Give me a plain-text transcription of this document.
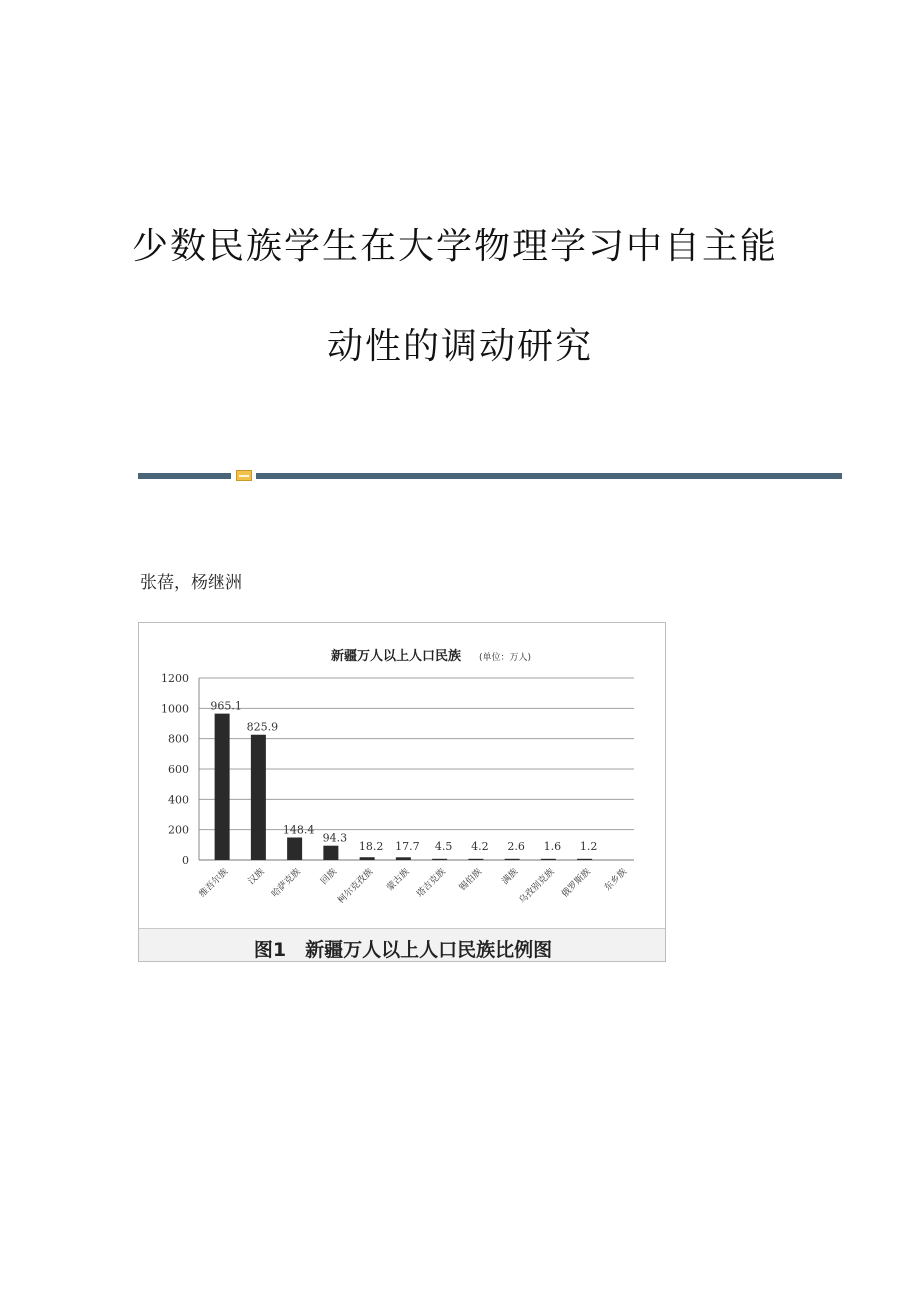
少数民族学生在大学物理学习中自主能
动性的调动研究
张蓓，杨继洲
新疆万人以上人口民族 (单位：万人)
0
200
400
600
800
1000
1200
965.1
维吾尔族
825.9
汉族
148.4
哈萨克族
94.3
回族
18.2
柯尔克孜族
17.7
蒙古族
4.5
塔吉克族
4.2
锡伯族
2.6
满族
1.6
乌孜别克族
1.2
俄罗斯族 东乡族
图1　新疆万人以上人口民族比例图
